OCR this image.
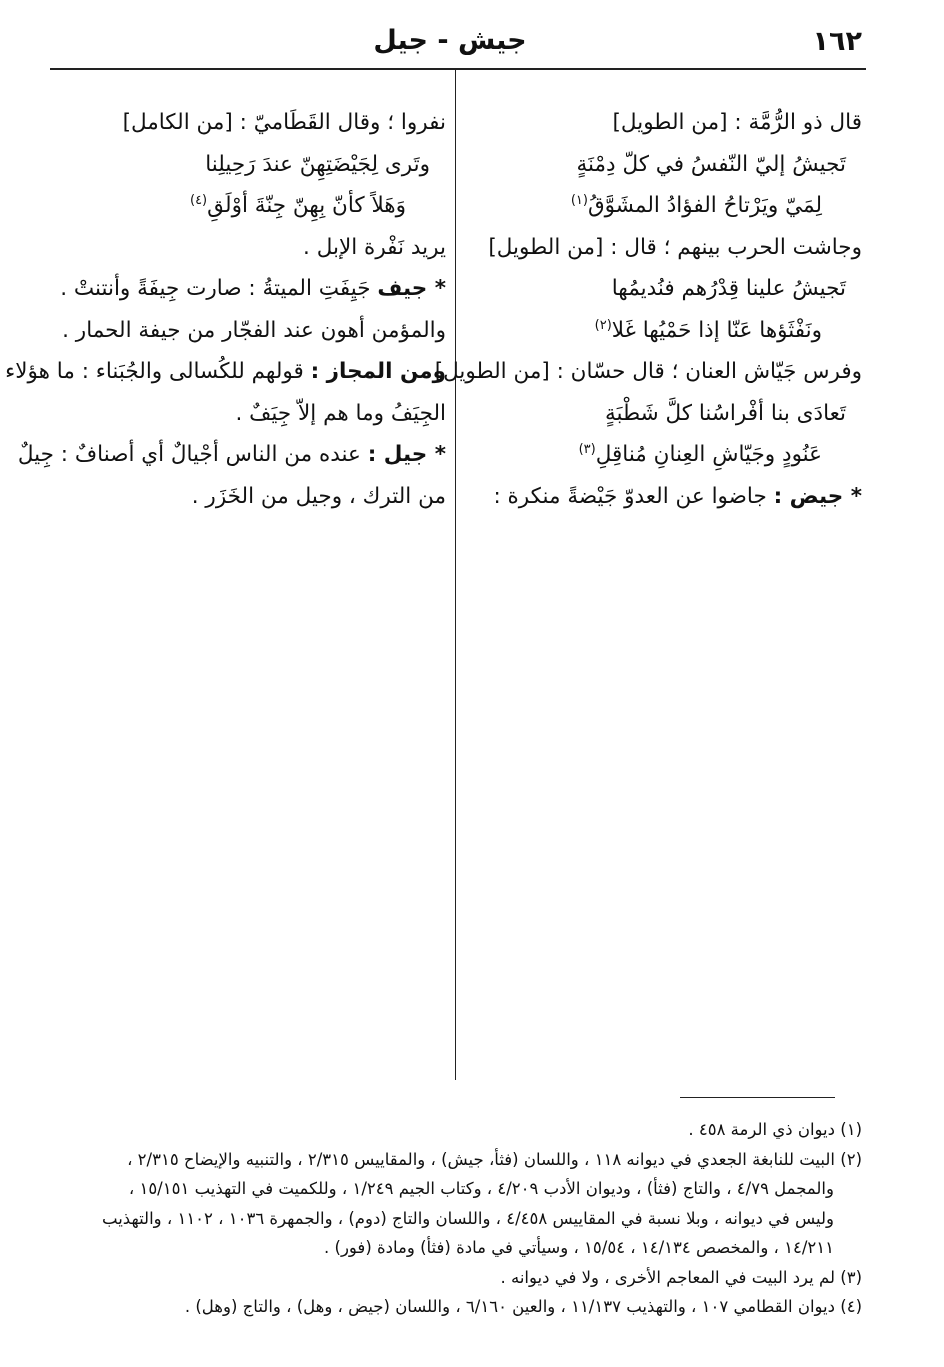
١٦٢
جيش - جيل
قال ذو الرُّمَّة : [من الطويل]
تَجيشُ إليّ النّفسُ في كلّ دِمْنَةٍ
لِمَيّ ويَرْتاحُ الفؤادُ المشَوَّقُ$^{(١)}$
وجاشت الحرب بينهم ؛ قال : [من الطويل]
تَجيشُ علينا قِدْرُهم فنُديمُها
ونَفْثَؤها عَنّا إذا حَمْيُها غَلا$^{(٢)}$
وفرس جَيّاش العنان ؛ قال حسّان : [من الطويل]
تَعادَى بنا أفْراسُنا كلَّ شَطْبَةٍ
عَنُودٍ وجَيّاشِ العِنانِ مُناقِلِ$^{(٣)}$
* جيض : جاضوا عن العدوّ جَيْضةً منكرة :
نفروا ؛ وقال القَطَاميّ : [من الكامل]
وتَرى لِجَيْضَتِهِنّ عندَ رَحِيلِنا
وَهَلاً كأنّ بِهِنّ جِنّةَ أوْلَقِ$^{(٤)}$
يريد نَفْرة الإبل .
* جيف جَيِفَتِ الميتةُ : صارت جِيفَةً وأنتنتْ .
والمؤمن أهون عند الفجّار من جيفة الحمار .
ومن المجاز : قولهم للكُسالى والجُبَناء : ما هؤلاء
الجِيَفُ وما هم إلاّ جِيَفٌ .
* جيل : عنده من الناس أجْيالٌ أي أصنافٌ : جِيلٌ
من الترك ، وجيل من الخَزَر .
(١) ديوان ذي الرمة ٤٥٨ .
(٢) البيت للنابغة الجعدي في ديوانه ١١٨ ، واللسان (فثأ، جيش) ، والمقاييس ٢/٣١٥ ، والتنبيه والإيضاح ٢/٣١٥ ،
والمجمل ٤/٧٩ ، والتاج (فثأ) ، وديوان الأدب ٤/٢٠٩ ، وكتاب الجيم ١/٢٤٩ ، وللكميت في التهذيب ١٥/١٥١ ،
وليس في ديوانه ، وبلا نسبة في المقاييس ٤/٤٥٨ ، واللسان والتاج (دوم) ، والجمهرة ١٠٣٦ ، ١١٠٢ ، والتهذيب
١٤/٢١١ ، والمخصص ١٤/١٣٤ ، ١٥/٥٤ ، وسيأتي في مادة (فثأ) ومادة (فور) .
(٣) لم يرد البيت في المعاجم الأخرى ، ولا في ديوانه .
(٤) ديوان القطامي ١٠٧ ، والتهذيب ١١/١٣٧ ، والعين ٦/١٦٠ ، واللسان (جيض ، وهل) ، والتاج (وهل) .
